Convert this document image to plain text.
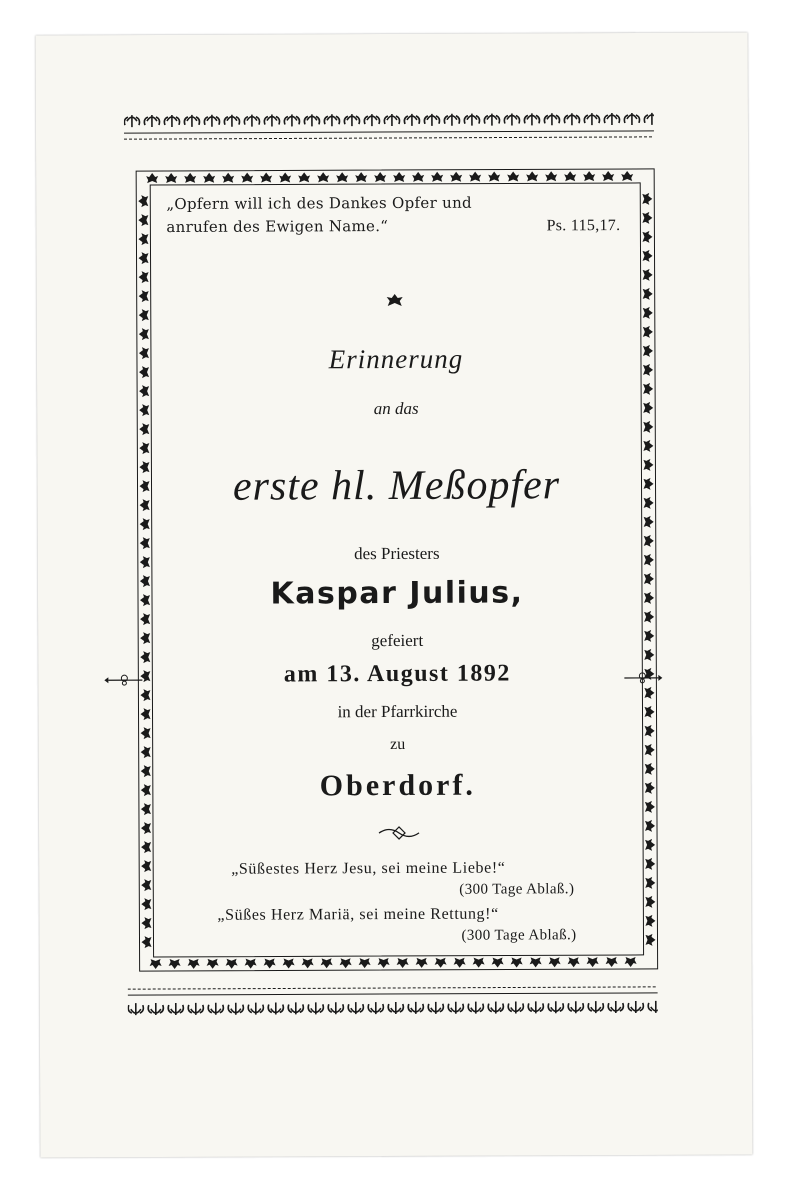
„Opfern will ich des Dankes Opfer und
anrufen des Ewigen Name.“	Ps. 115,17.
Erinnerung
an das
erste hl. Meßopfer
des Priesters
Kaspar Julius,
gefeiert
am 13. August 1892
in der Pfarrkirche
zu
Oberdorf.
„Süßestes Herz Jesu, sei meine Liebe!“
(300 Tage Ablaß.)
„Süßes Herz Mariä, sei meine Rettung!“
(300 Tage Ablaß.)
